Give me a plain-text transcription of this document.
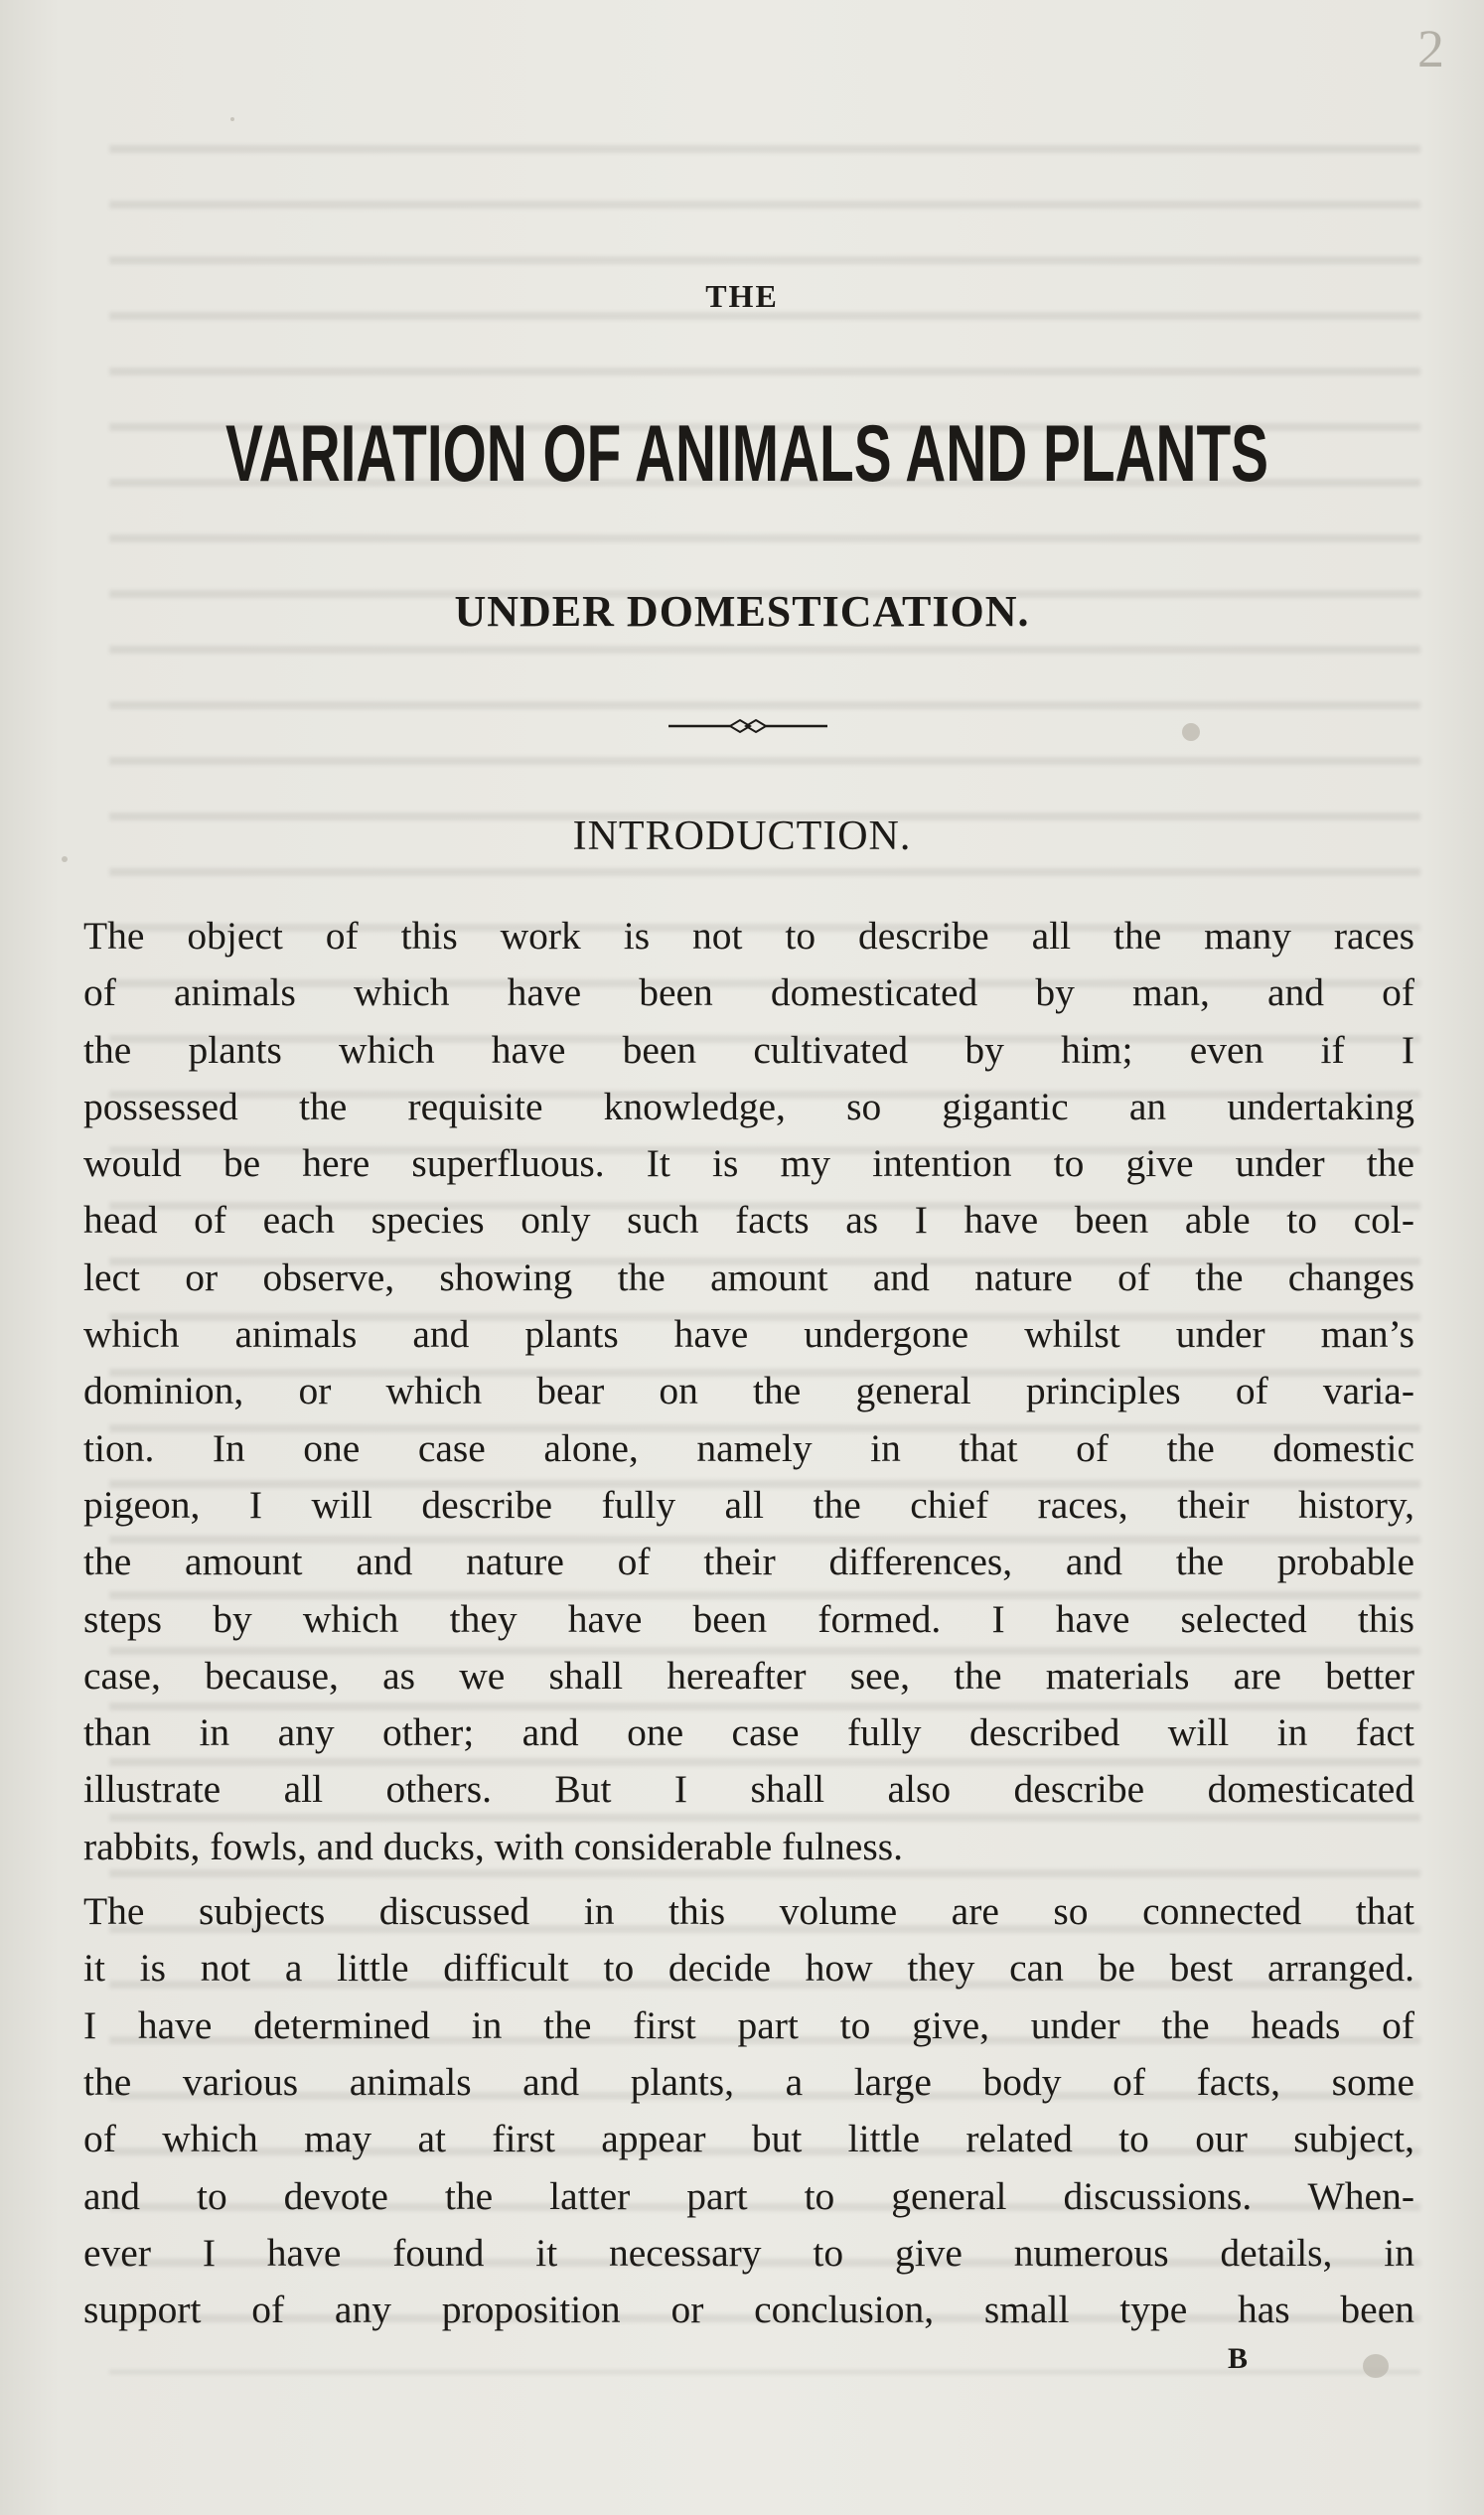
2
THE
VARIATION OF ANIMALS AND PLANTS
UNDER DOMESTICATION.
INTRODUCTION.
The object of this work is not to describe all the many races
of animals which have been domesticated by man, and of
the plants which have been cultivated by him; even if I
possessed the requisite knowledge, so gigantic an undertaking
would be here superfluous. It is my intention to give under the
head of each species only such facts as I have been able to col-
lect or observe, showing the amount and nature of the changes
which animals and plants have undergone whilst under man’s
dominion, or which bear on the general principles of varia-
tion. In one case alone, namely in that of the domestic
pigeon, I will describe fully all the chief races, their history,
the amount and nature of their differences, and the probable
steps by which they have been formed. I have selected this
case, because, as we shall hereafter see, the materials are better
than in any other; and one case fully described will in fact
illustrate all others. But I shall also describe domesticated
rabbits, fowls, and ducks, with considerable fulness.
The subjects discussed in this volume are so connected that
it is not a little difficult to decide how they can be best arranged.
I have determined in the first part to give, under the heads of
the various animals and plants, a large body of facts, some
of which may at first appear but little related to our subject,
and to devote the latter part to general discussions. When-
ever I have found it necessary to give numerous details, in
support of any proposition or conclusion, small type has been
B
